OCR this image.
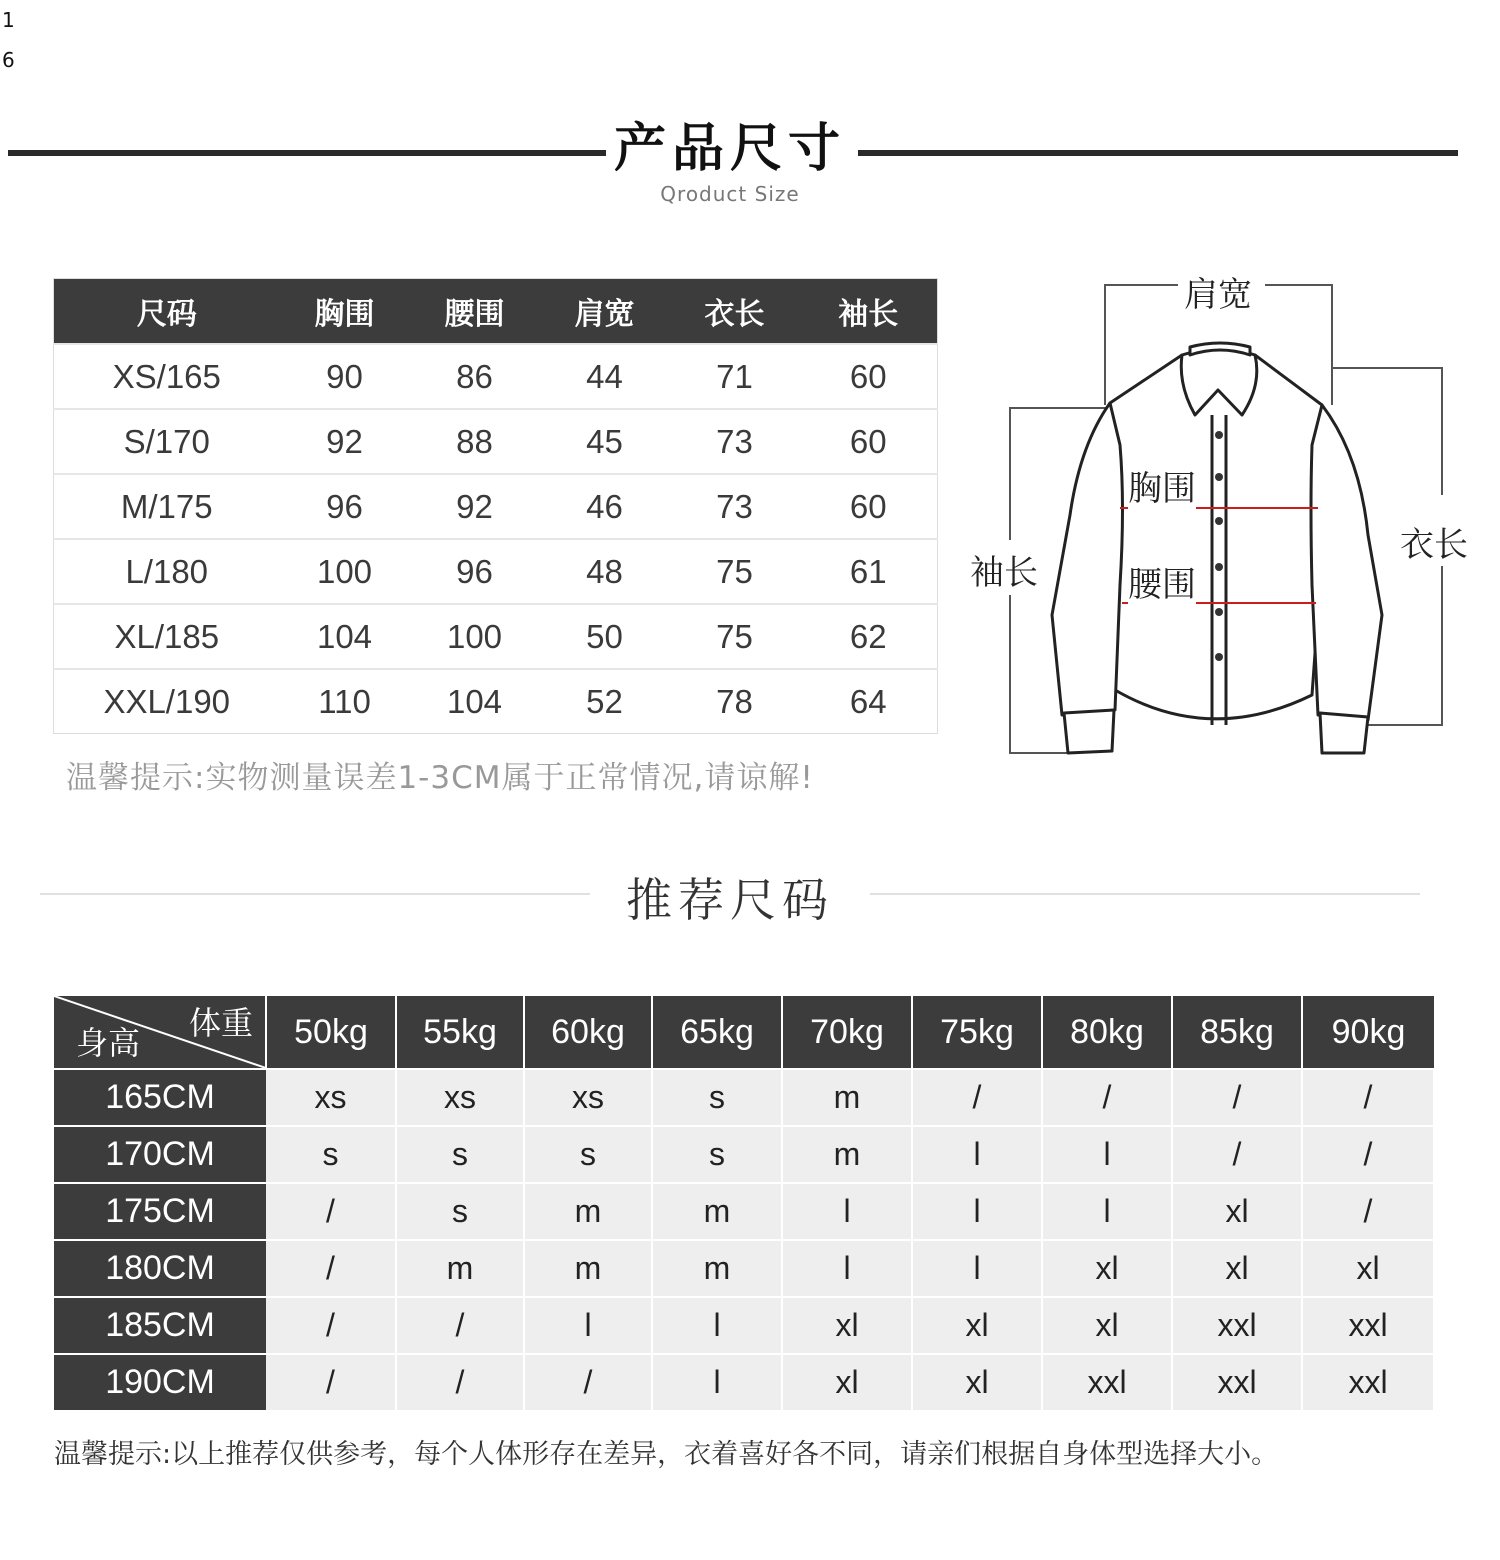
1
6
产品尺寸
Qroduct Size
尺码	胸围	腰围	肩宽	衣长	袖长
XS/165	90	86	44	71	60
S/170	92	88	45	73	60
M/175	96	92	46	73	60
L/180	100	96	48	75	61
XL/185	104	100	50	75	62
XXL/190	110	104	52	78	64
温馨提示:实物测量误差1-3CM属于正常情况,请谅解!
肩宽
胸围
腰围
袖长
衣长
推荐尺码
体重
身高	50kg	55kg	60kg	65kg	70kg	75kg	80kg	85kg	90kg
165CM	xs	xs	xs	s	m	/	/	/	/
170CM	s	s	s	s	m	l	l	/	/
175CM	/	s	m	m	l	l	l	xl	/
180CM	/	m	m	m	l	l	xl	xl	xl
185CM	/	/	l	l	xl	xl	xl	xxl	xxl
190CM	/	/	/	l	xl	xl	xxl	xxl	xxl
温馨提示:以上推荐仅供参考，每个人体形存在差异，衣着喜好各不同，请亲们根据自身体型选择大小。
